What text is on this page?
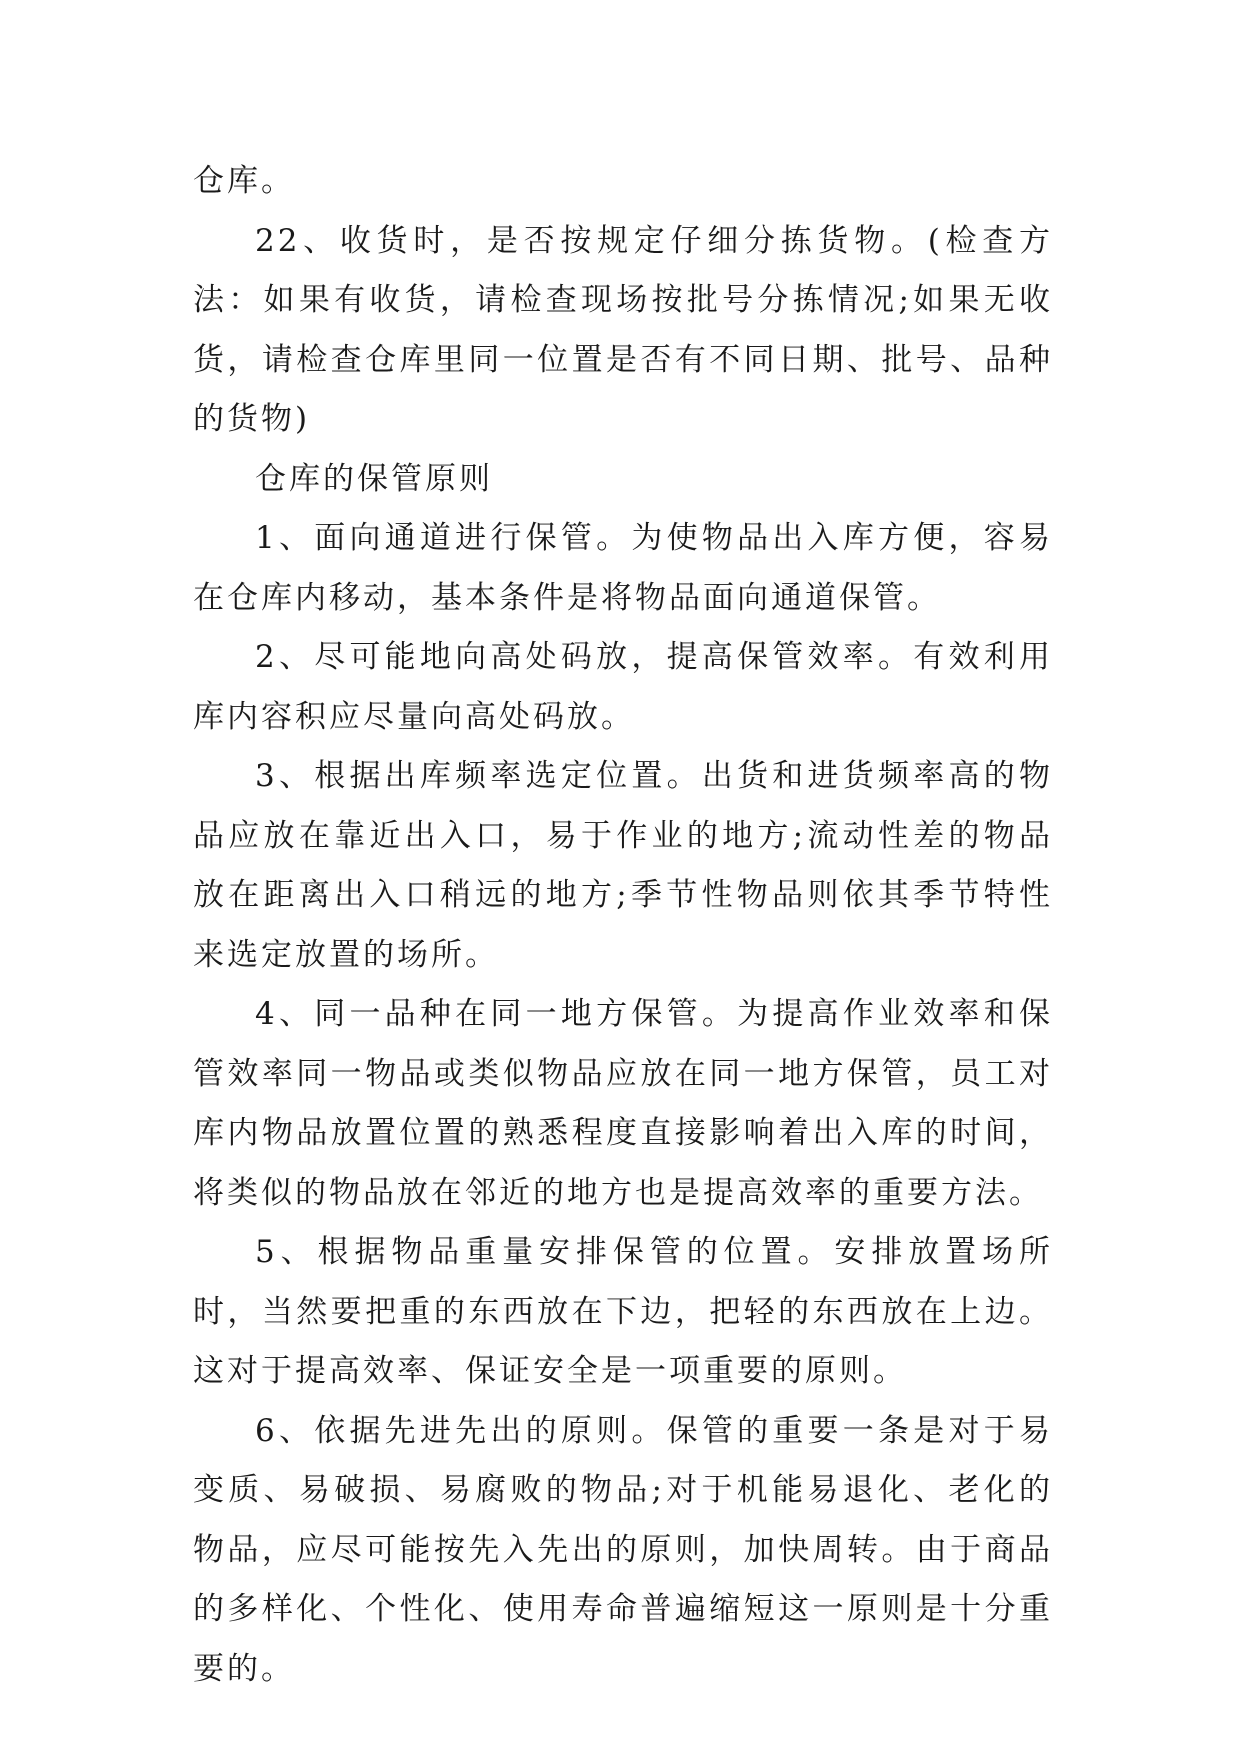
仓库。

22、收货时，是否按规定仔细分拣货物。(检查方法：如果有收货，请检查现场按批号分拣情况;如果无收货，请检查仓库里同一位置是否有不同日期、批号、品种的货物)

仓库的保管原则

1、面向通道进行保管。为使物品出入库方便，容易在仓库内移动，基本条件是将物品面向通道保管。

2、尽可能地向高处码放，提高保管效率。有效利用库内容积应尽量向高处码放。

3、根据出库频率选定位置。出货和进货频率高的物品应放在靠近出入口，易于作业的地方;流动性差的物品放在距离出入口稍远的地方;季节性物品则依其季节特性来选定放置的场所。

4、同一品种在同一地方保管。为提高作业效率和保管效率同一物品或类似物品应放在同一地方保管，员工对库内物品放置位置的熟悉程度直接影响着出入库的时间，将类似的物品放在邻近的地方也是提高效率的重要方法。

5、根据物品重量安排保管的位置。安排放置场所时，当然要把重的东西放在下边，把轻的东西放在上边。这对于提高效率、保证安全是一项重要的原则。

6、依据先进先出的原则。保管的重要一条是对于易变质、易破损、易腐败的物品;对于机能易退化、老化的物品，应尽可能按先入先出的原则，加快周转。由于商品的多样化、个性化、使用寿命普遍缩短这一原则是十分重要的。
